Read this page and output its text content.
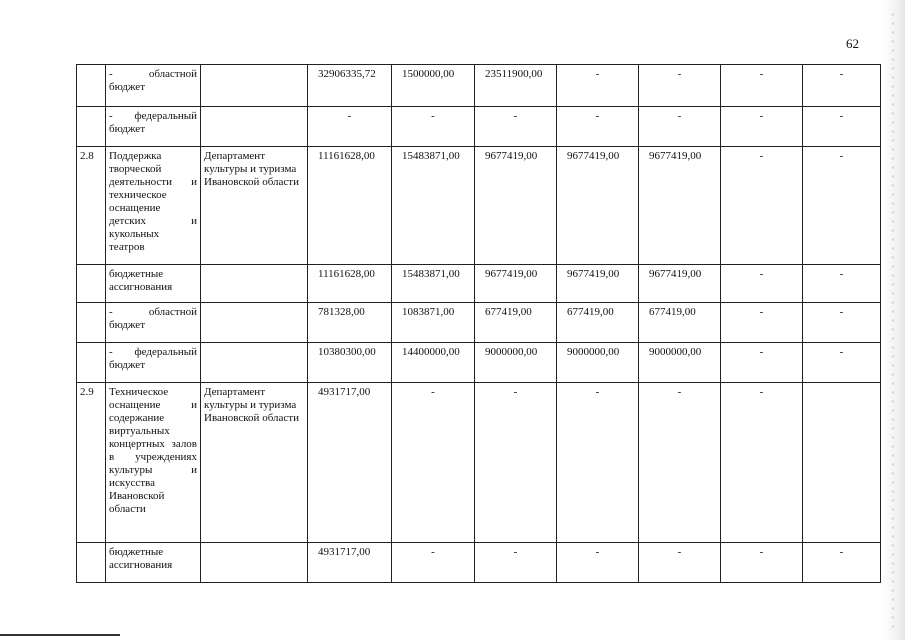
62
	- областной бюджет		32906335,72	1500000,00	23511900,00	-	-	-	-
	- федеральный бюджет		-	-	-	-	-	-	-
2.8	Поддержка творческой деятельности и техническое оснащение детских и кукольных театров	Департамент культуры и туризма Ивановской области	11161628,00	15483871,00	9677419,00	9677419,00	9677419,00	-	-
	бюджетные ассигнования		11161628,00	15483871,00	9677419,00	9677419,00	9677419,00	-	-
	- областной бюджет		781328,00	1083871,00	677419,00	677419,00	677419,00	-	-
	- федеральный бюджет		10380300,00	14400000,00	9000000,00	9000000,00	9000000,00	-	-
2.9	Техническое оснащение и содержание виртуальных концертных залов в учреждениях культуры и искусства Ивановской области	Департамент культуры и туризма Ивановской области	4931717,00	-	-	-	-	-	
	бюджетные ассигнования		4931717,00	-	-	-	-	-	-
